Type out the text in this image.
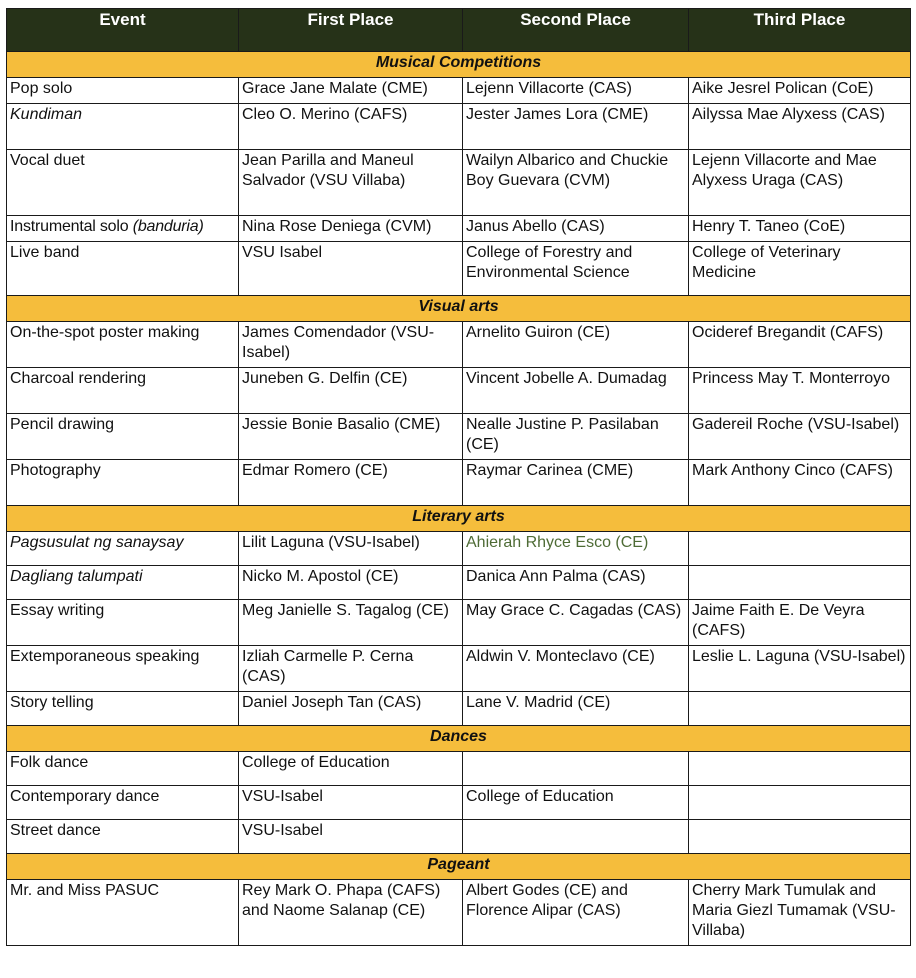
Event	First Place	Second Place	Third Place
Musical Competitions			
Pop solo	Grace Jane Malate (CME)	Lejenn Villacorte (CAS)	Aike Jesrel Polican (CoE)
Kundiman	Cleo O. Merino (CAFS)	Jester James Lora (CME)	Ailyssa Mae Alyxess (CAS)
Vocal duet	Jean Parilla and Maneul Salvador (VSU Villaba)	Wailyn Albarico and Chuckie Boy Guevara (CVM)	Lejenn Villacorte and Mae Alyxess Uraga (CAS)
Instrumental solo (banduria)	Nina Rose Deniega (CVM)	Janus Abello (CAS)	Henry T. Taneo (CoE)
Live band	VSU Isabel	College of Forestry and Environmental Science	College of Veterinary Medicine
Visual arts			
On-the-spot poster making	James Comendador (VSU-Isabel)	Arnelito Guiron (CE)	Ocideref Bregandit (CAFS)
Charcoal rendering	Juneben G. Delfin (CE)	Vincent Jobelle A. Dumadag	Princess May T. Monterroyo
Pencil drawing	Jessie Bonie Basalio (CME)	Nealle Justine P. Pasilaban (CE)	Gadereil Roche (VSU-Isabel)
Photography	Edmar Romero (CE)	Raymar Carinea (CME)	Mark Anthony Cinco (CAFS)
Literary arts			
Pagsusulat ng sanaysay	Lilit Laguna (VSU-Isabel)	Ahierah Rhyce Esco (CE)	
Dagliang talumpati	Nicko M. Apostol (CE)	Danica Ann Palma (CAS)	
Essay writing	Meg Janielle S. Tagalog (CE)	May Grace C. Cagadas (CAS)	Jaime Faith E. De Veyra (CAFS)
Extemporaneous speaking	Izliah Carmelle P. Cerna (CAS)	Aldwin V. Monteclavo (CE)	Leslie L. Laguna (VSU-Isabel)
Story telling	Daniel Joseph Tan (CAS)	Lane V. Madrid (CE)	
Dances			
Folk dance	College of Education		
Contemporary dance	VSU-Isabel	College of Education	
Street dance	VSU-Isabel		
Pageant			
Mr. and Miss PASUC	Rey Mark O. Phapa (CAFS) and Naome Salanap (CE)	Albert Godes (CE) and Florence Alipar (CAS)	Cherry Mark Tumulak and Maria Giezl Tumamak (VSU-Villaba)
